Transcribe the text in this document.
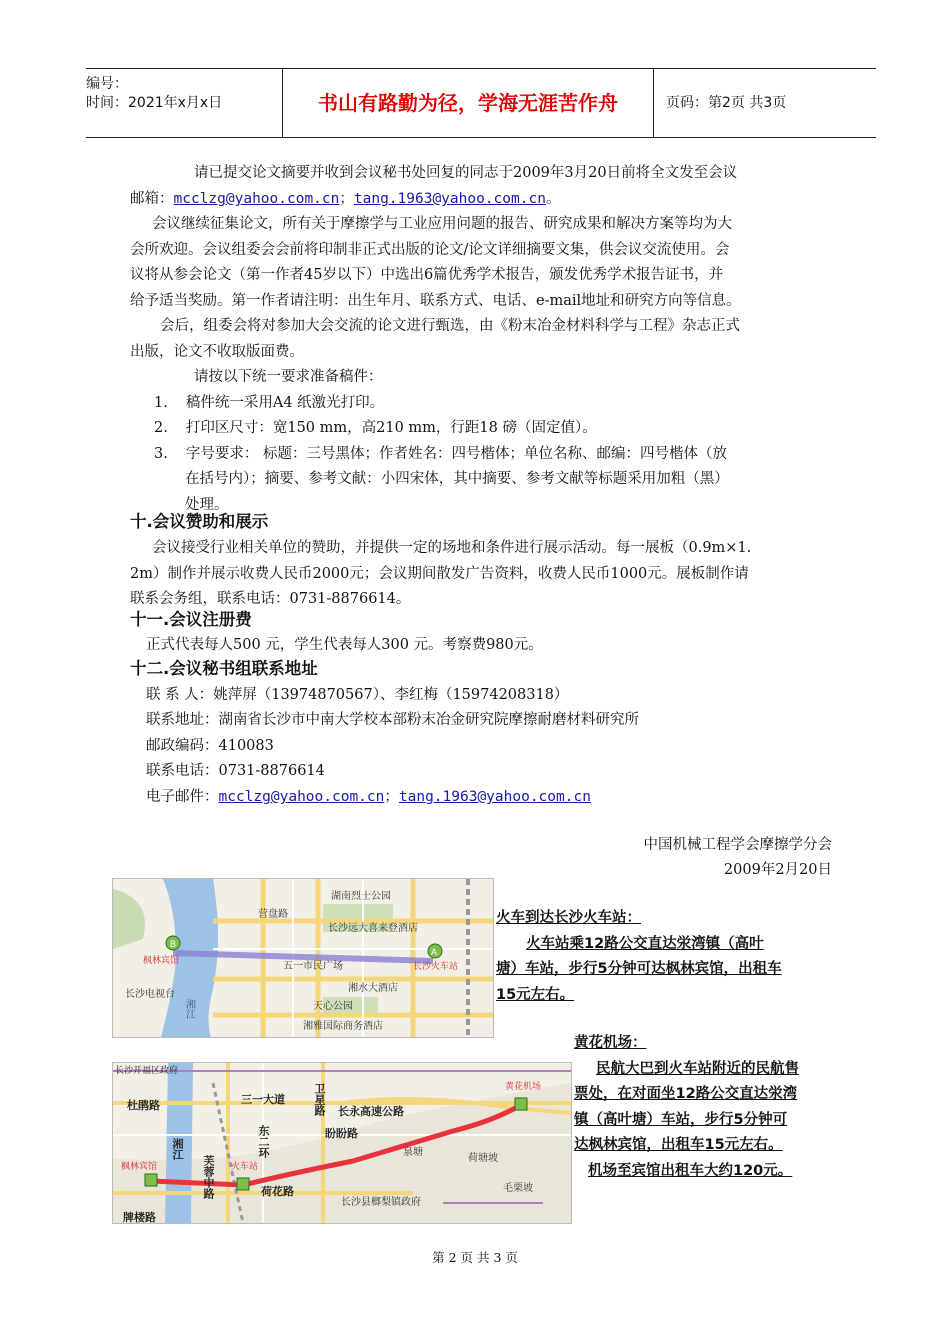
编号：
时间：2021年x月x日	书山有路勤为径，学海无涯苦作舟	页码：第2页 共3页
请已提交论文摘要并收到会议秘书处回复的同志于2009年3月20日前将全文发至会议
邮箱：mcclzg@yahoo.com.cn；tang.1963@yahoo.com.cn。
会议继续征集论文，所有关于摩擦学与工业应用问题的报告、研究成果和解决方案等均为大
会所欢迎。会议组委会会前将印制非正式出版的论文/论文详细摘要文集，供会议交流使用。会
议将从参会论文（第一作者45岁以下）中选出6篇优秀学术报告，颁发优秀学术报告证书，并
给予适当奖励。第一作者请注明：出生年月、联系方式、电话、e-mail地址和研究方向等信息。
会后，组委会将对参加大会交流的论文进行甄选，由《粉末冶金材料科学与工程》杂志正式
出版，论文不收取版面费。
请按以下统一要求准备稿件：
1. 稿件统一采用A4 纸激光打印。
2. 打印区尺寸：宽150 mm，高210 mm，行距18 磅（固定值）。
3. 字号要求： 标题：三号黑体；作者姓名：四号楷体；单位名称、邮编：四号楷体（放
在括号内）；摘要、参考文献：小四宋体，其中摘要、参考文献等标题采用加粗（黑）
处理。
十.会议赞助和展示
会议接受行业相关单位的赞助，并提供一定的场地和条件进行展示活动。每一展板（0.9m×1.
2m）制作并展示收费人民币2000元；会议期间散发广告资料，收费人民币1000元。展板制作请
联系会务组，联系电话：0731-8876614。
十一.会议注册费
正式代表每人500 元，学生代表每人300 元。考察费980元。
十二.会议秘书组联系地址
联 系 人：姚萍屏（13974870567）、李红梅（15974208318）
联系地址：湖南省长沙市中南大学校本部粉末冶金研究院摩擦耐磨材料研究所
邮政编码：410083
联系电话：0731-8876614
电子邮件：mcclzg@yahoo.com.cn；tang.1963@yahoo.com.cn
中国机械工程学会摩擦学分会
2009年2月20日
B
A
营盘路
湖南烈士公园
长沙远大喜来登酒店
五一市民广场
湘水大酒店
长沙电视台
天心公园
湘雅国际商务酒店
湘江
长沙火车站
枫林宾馆
火车到达长沙火车站：
火车站乘12路公交直达泶湾镇（高叶
塘）车站，步行5分钟可达枫林宾馆，出租车
15元左右。
长沙开福区政府
杜鹃路	三一大道	卫星路 长永高速公路
盼盼路
湘江
芙蓉中路	荷花路
东二环
牌楼路
泉塘
荷塘坡
长沙县榔梨镇政府
毛栗坡
枫林宾馆	火车站
黄花机场
黄花机场：
民航大巴到火车站附近的民航售
票处，在对面坐12路公交直达泶湾
镇（高叶塘）车站，步行5分钟可
达枫林宾馆，出租车15元左右。
机场至宾馆出租车大约120元。
第 2 页 共 3 页
